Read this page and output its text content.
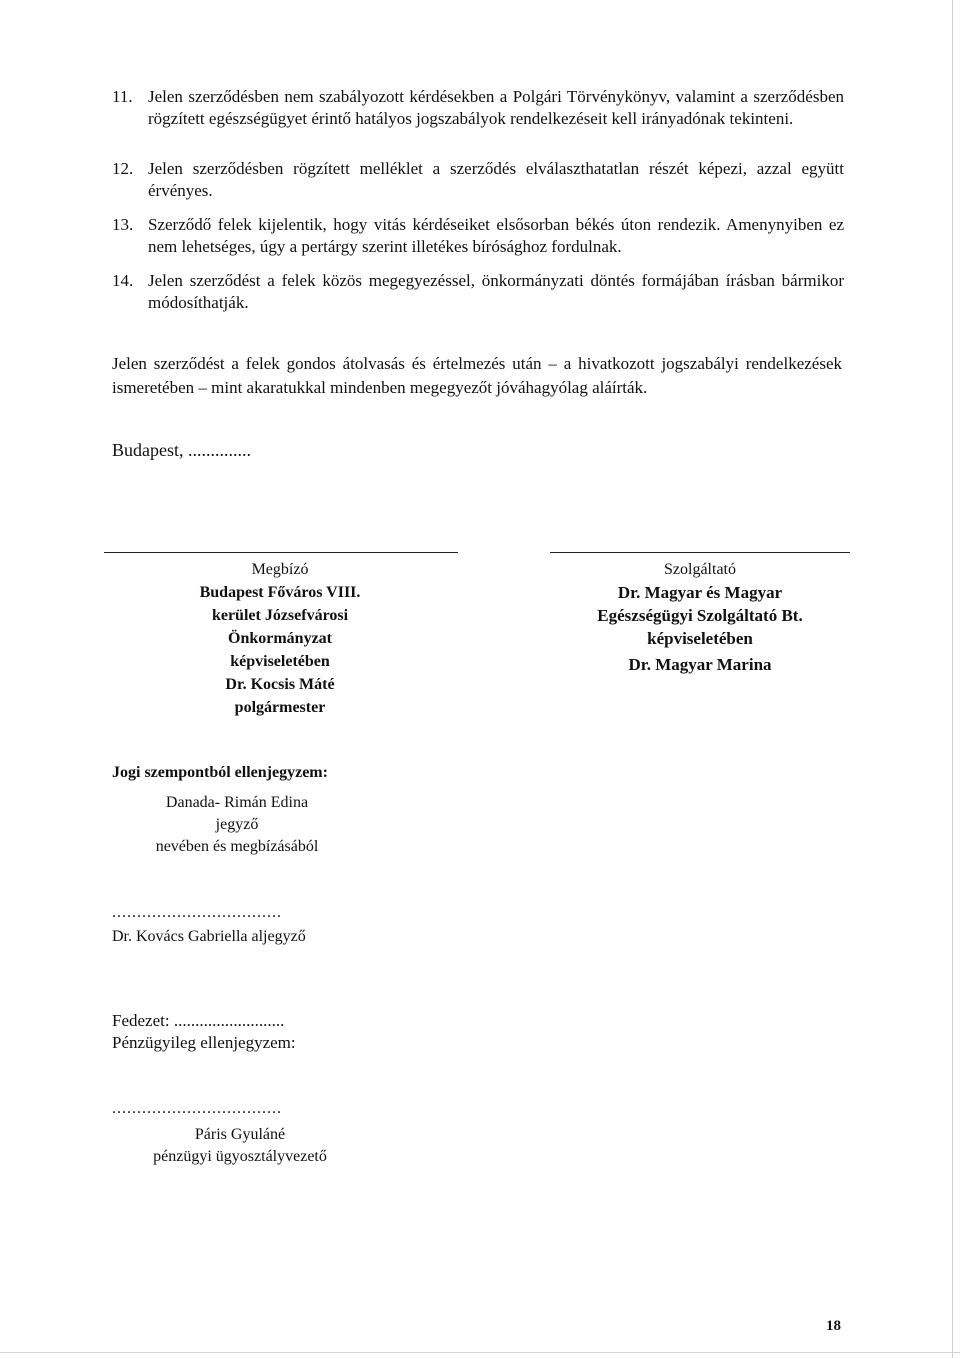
11. Jelen szerződésben nem szabályozott kérdésekben a Polgári Törvénykönyv, valamint a szerződésben rögzített egészségügyet érintő hatályos jogszabályok rendelkezéseit kell irányadónak tekinteni.
12. Jelen szerződésben rögzített melléklet a szerződés elválaszthatatlan részét képezi, azzal együtt érvényes.
13. Szerződő felek kijelentik, hogy vitás kérdéseiket elsősorban békés úton rendezik. Amenynyiben ez nem lehetséges, úgy a pertárgy szerint illetékes bírósághoz fordulnak.
14. Jelen szerződést a felek közös megegyezéssel, önkormányzati döntés formájában írásban bármikor módosíthatják.
Jelen szerződést a felek gondos átolvasás és értelmezés után – a hivatkozott jogszabályi rendelkezések ismeretében – mint akaratukkal mindenben megegyezőt jóváhagyólag aláírták.
Budapest, ..............
Megbízó
Budapest Főváros VIII. kerület Józsefvárosi Önkormányzat
képviseletében
Dr. Kocsis Máté
polgármester
Szolgáltató
Dr. Magyar és Magyar
Egészségügyi Szolgáltató Bt.
képviseletében
Dr. Magyar Marina
Jogi szempontból ellenjegyzem:
Danada- Rimán Edina
jegyző
nevében és megbízásából
..................................
Dr. Kovács Gabriella aljegyző
Fedezet: ..........................
Pénzügyileg ellenjegyzem:
..................................
Páris Gyuláné
pénzügyi ügyosztályvezető
18
